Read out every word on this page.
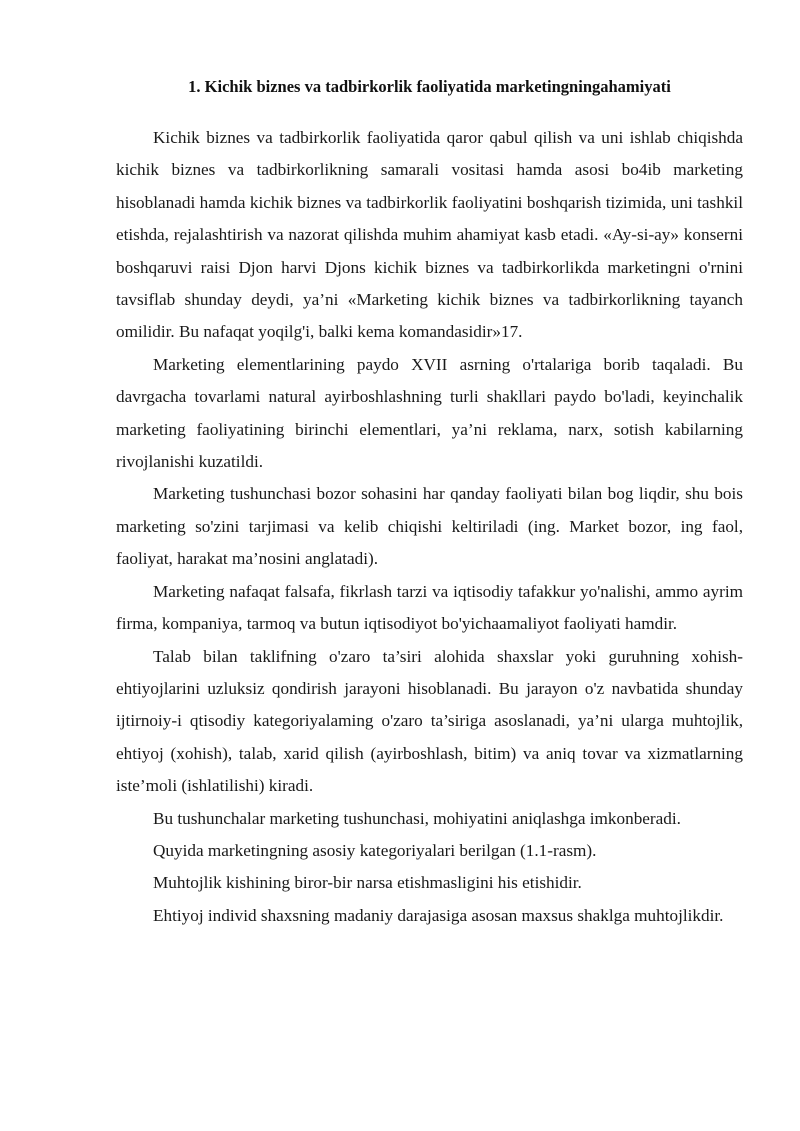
1. Kichik biznes va tadbirkorlik faoliyatida marketingningahamiyati

Kichik biznes va tadbirkorlik faoliyatida qaror qabul qilish va uni ishlab chiqishda kichik biznes va tadbirkorlikning samarali vositasi hamda asosi bo4ib marketing hisoblanadi hamda kichik biznes va tadbirkorlik faoliyatini boshqarish tizimida, uni tashkil etishda, rejalashtirish va nazorat qilishda muhim ahamiyat kasb etadi. «Ay-si-ay» konserni boshqaruvi raisi Djon harvi Djons kichik biznes va tadbirkorlikda marketingni o'rnini tavsiflab shunday deydi, ya’ni «Marketing kichik biznes va tadbirkorlikning tayanch omilidir. Bu nafaqat yoqilg'i, balki kema komandasidir»17.

Marketing elementlarining paydo XVII asrning o'rtalariga borib taqaladi. Bu davrgacha tovarlami natural ayirboshlashning turli shakllari paydo bo'ladi, keyinchalik marketing faoliyatining birinchi elementlari, ya’ni reklama, narx, sotish kabilarning rivojlanishi kuzatildi.

Marketing tushunchasi bozor sohasini har qanday faoliyati bilan bog liqdir, shu bois marketing so'zini tarjimasi va kelib chiqishi keltiriladi (ing. Market bozor, ing faol, faoliyat, harakat ma’nosini anglatadi).

Marketing nafaqat falsafa, fikrlash tarzi va iqtisodiy tafakkur yo'nalishi, ammo ayrim firma, kompaniya, tarmoq va butun iqtisodiyot bo'yichaamaliyot faoliyati hamdir.

Talab bilan taklifning o'zaro ta’siri alohida shaxslar yoki guruhning xohish-ehtiyojlarini uzluksiz qondirish jarayoni hisoblanadi. Bu jarayon o'z navbatida shunday ijtirnoiy-i qtisodiy kategoriyalaming o'zaro ta’siriga asoslanadi, ya’ni ularga muhtojlik, ehtiyoj (xohish), talab, xarid qilish (ayirboshlash, bitim) va aniq tovar va xizmatlarning iste’moli (ishlatilishi) kiradi.

Bu tushunchalar marketing tushunchasi, mohiyatini aniqlashga imkonberadi.

Quyida marketingning asosiy kategoriyalari berilgan (1.1-rasm).

Muhtojlik kishining biror-bir narsa etishmasligini his etishidir.

Ehtiyoj individ shaxsning madaniy darajasiga asosan maxsus shaklga muhtojlikdir.
